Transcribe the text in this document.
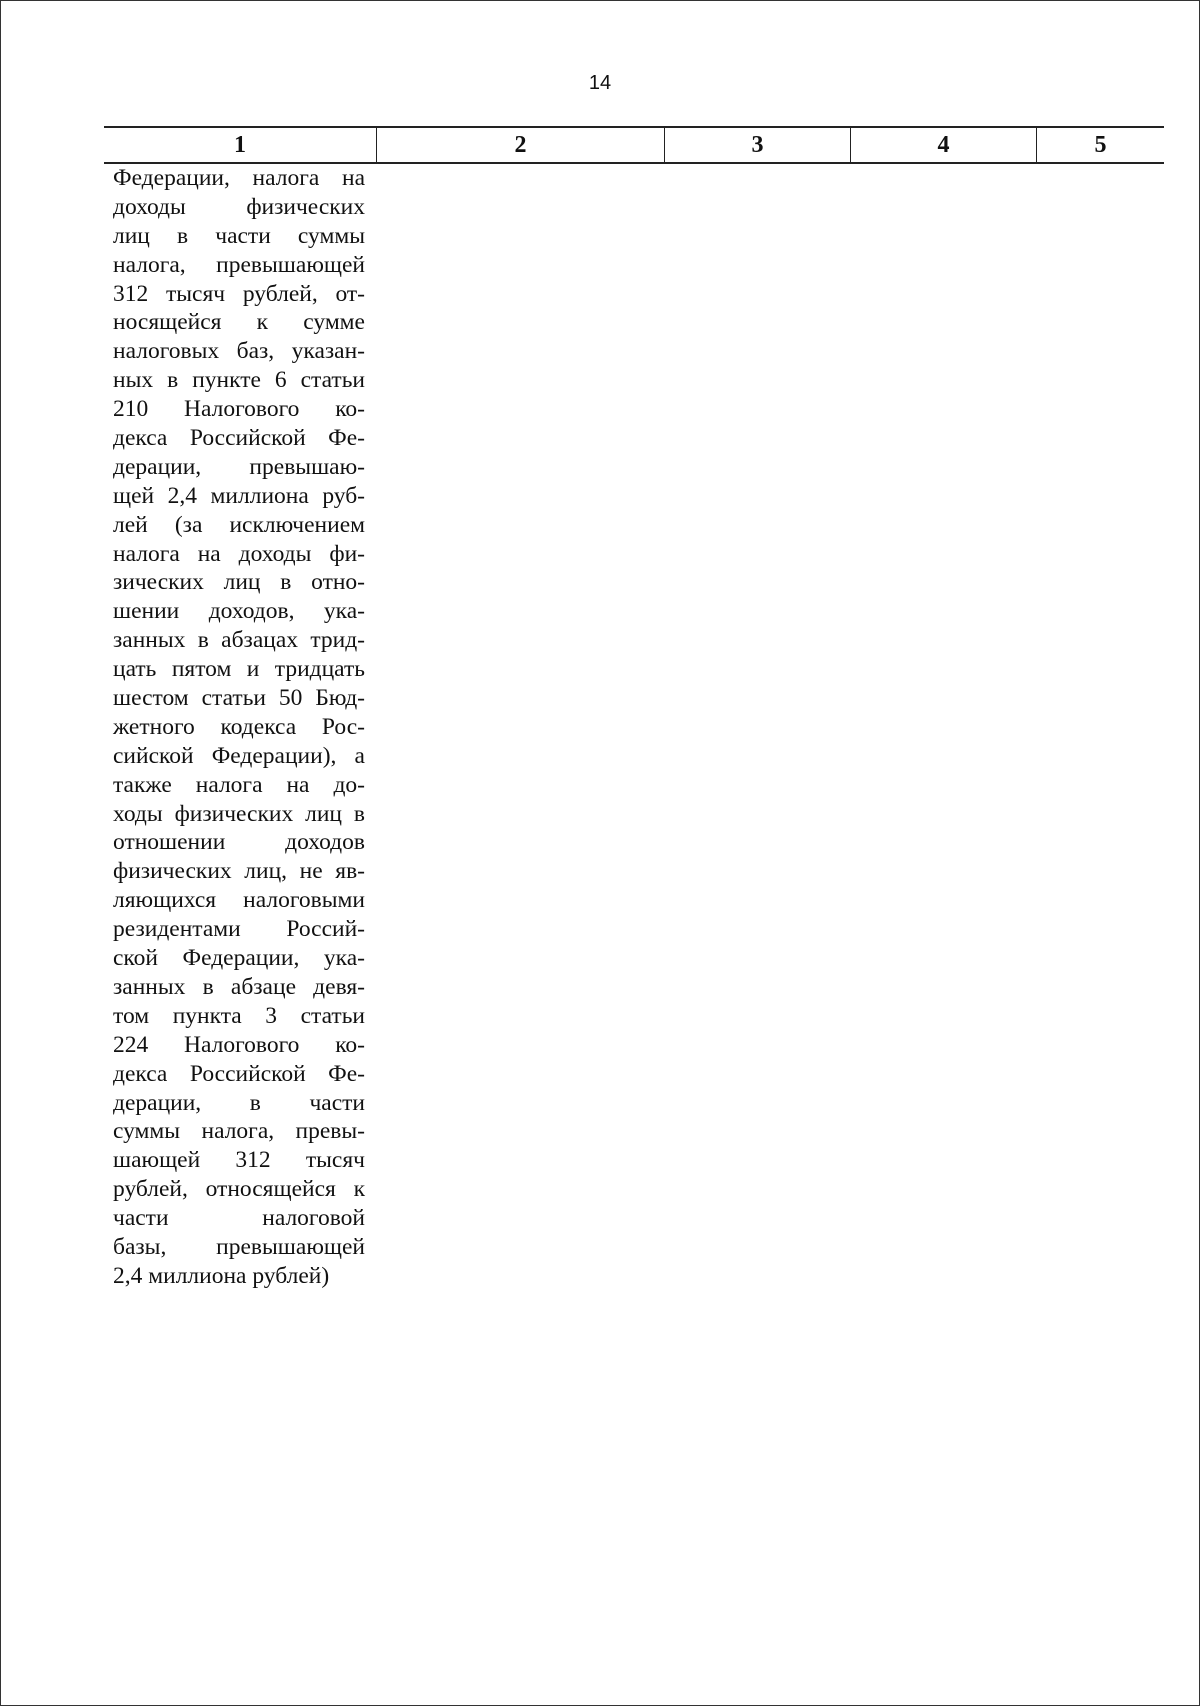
14
1	2	3	4	5
Федерации, налога на
доходы физических
лиц в части суммы
налога, превышающей
312 тысяч рублей, от-
носящейся к сумме
налоговых баз, указан-
ных в пункте 6 статьи
210 Налогового ко-
декса Российской Фе-
дерации, превышаю-
щей 2,4 миллиона руб-
лей (за исключением
налога на доходы фи-
зических лиц в отно-
шении доходов, ука-
занных в абзацах трид-
цать пятом и тридцать
шестом статьи 50 Бюд-
жетного кодекса Рос-
сийской Федерации), а
также налога на до-
ходы физических лиц в
отношении доходов
физических лиц, не яв-
ляющихся налоговыми
резидентами Россий-
ской Федерации, ука-
занных в абзаце девя-
том пункта 3 статьи
224 Налогового ко-
декса Российской Фе-
дерации, в части
суммы налога, превы-
шающей 312 тысяч
рублей, относящейся к
части налоговой
базы, превышающей
2,4 миллиона рублей)
